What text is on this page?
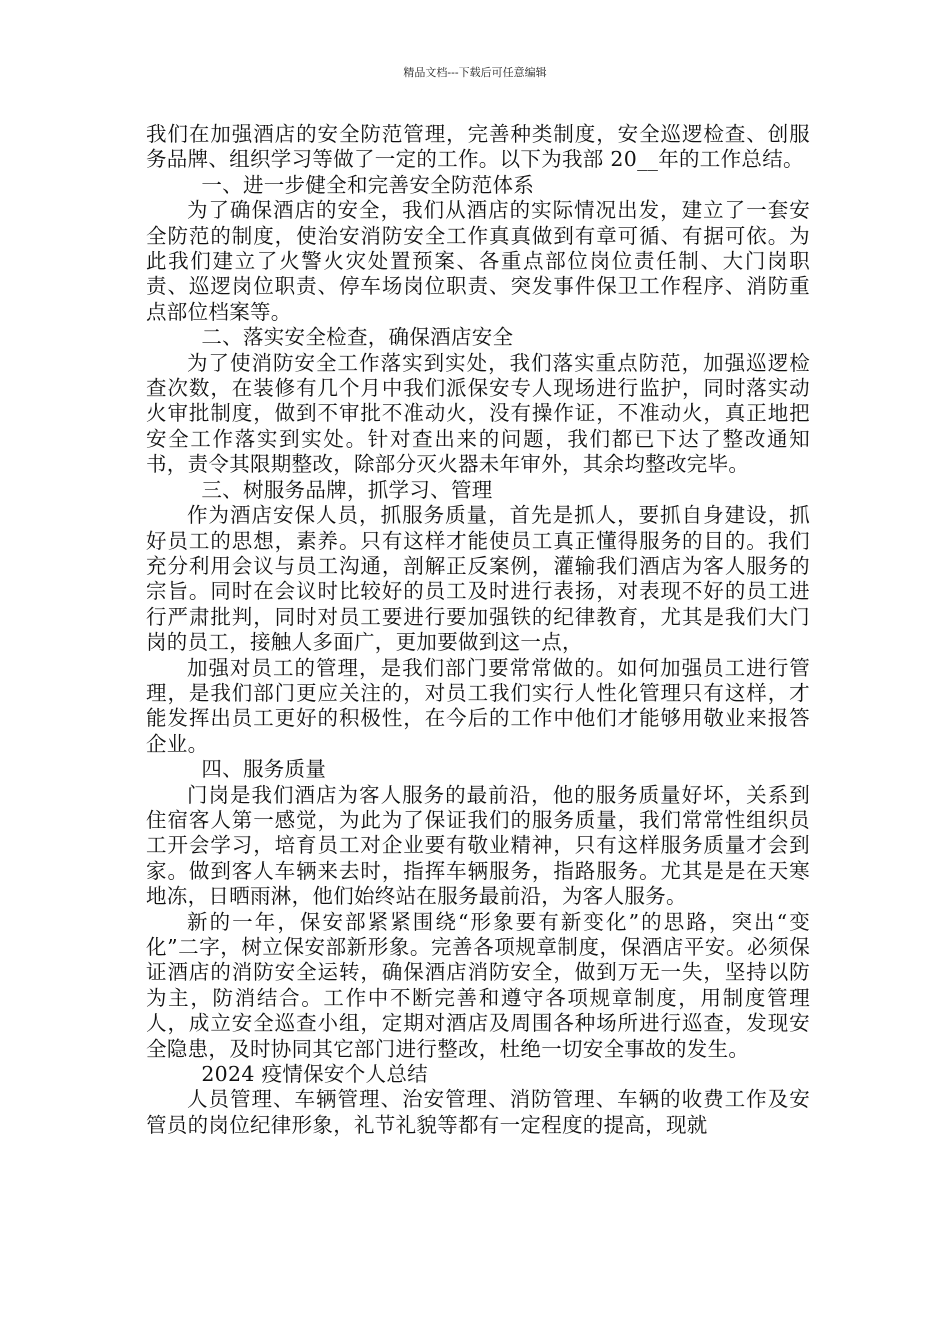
精品文档---下载后可任意编辑

我们在加强酒店的安全防范管理，完善种类制度，安全巡逻检查、创服务品牌、组织学习等做了一定的工作。以下为我部 20__年的工作总结。

一、进一步健全和完善安全防范体系

为了确保酒店的安全，我们从酒店的实际情况出发，建立了一套安全防范的制度，使治安消防安全工作真真做到有章可循、有据可依。为此我们建立了火警火灾处置预案、各重点部位岗位责任制、大门岗职责、巡逻岗位职责、停车场岗位职责、突发事件保卫工作程序、消防重点部位档案等。

二、落实安全检查，确保酒店安全

为了使消防安全工作落实到实处，我们落实重点防范，加强巡逻检查次数，在装修有几个月中我们派保安专人现场进行监护，同时落实动火审批制度，做到不审批不准动火，没有操作证，不准动火，真正地把安全工作落实到实处。针对查出来的问题，我们都已下达了整改通知书，责令其限期整改，除部分灭火器未年审外，其余均整改完毕。

三、树服务品牌，抓学习、管理

作为酒店安保人员，抓服务质量，首先是抓人，要抓自身建设，抓好员工的思想，素养。只有这样才能使员工真正懂得服务的目的。我们充分利用会议与员工沟通，剖解正反案例，灌输我们酒店为客人服务的宗旨。同时在会议时比较好的员工及时进行表扬，对表现不好的员工进行严肃批判，同时对员工要进行要加强铁的纪律教育，尤其是我们大门岗的员工，接触人多面广，更加要做到这一点，

加强对员工的管理，是我们部门要常常做的。如何加强员工进行管理，是我们部门更应关注的，对员工我们实行人性化管理只有这样，才能发挥出员工更好的积极性，在今后的工作中他们才能够用敬业来报答企业。

四、服务质量

门岗是我们酒店为客人服务的最前沿，他的服务质量好坏，关系到住宿客人第一感觉，为此为了保证我们的服务质量，我们常常性组织员工开会学习，培育员工对企业要有敬业精神，只有这样服务质量才会到家。做到客人车辆来去时，指挥车辆服务，指路服务。尤其是是在天寒地冻，日晒雨淋，他们始终站在服务最前沿，为客人服务。

新的一年，保安部紧紧围绕“形象要有新变化”的思路，突出“变化”二字，树立保安部新形象。完善各项规章制度，保酒店平安。必须保证酒店的消防安全运转，确保酒店消防安全，做到万无一失，坚持以防为主，防消结合。工作中不断完善和遵守各项规章制度，用制度管理人，成立安全巡查小组，定期对酒店及周围各种场所进行巡查，发现安全隐患，及时协同其它部门进行整改，杜绝一切安全事故的发生。

2024 疫情保安个人总结

人员管理、车辆管理、治安管理、消防管理、车辆的收费工作及安管员的岗位纪律形象，礼节礼貌等都有一定程度的提高，现就
